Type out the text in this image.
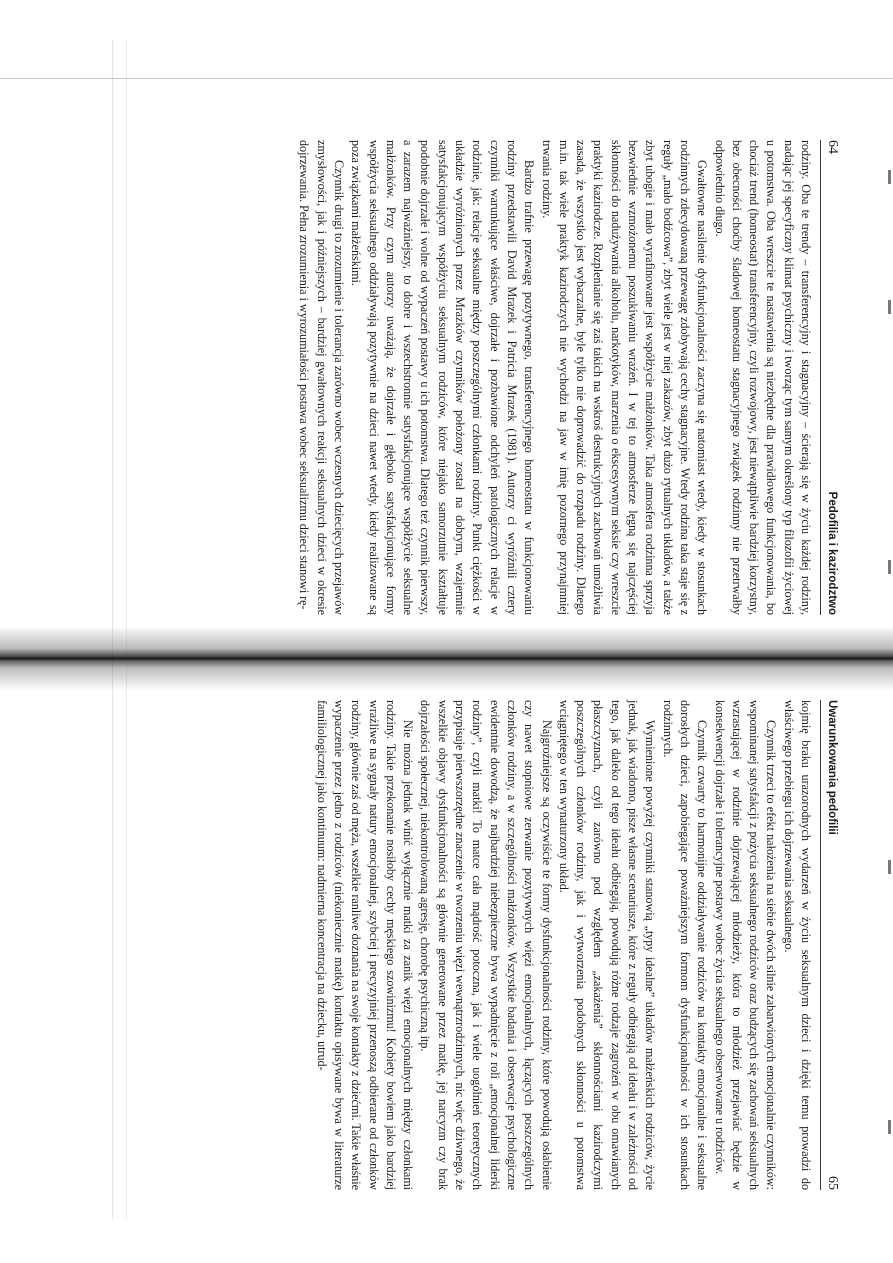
64
Pedofilia i kazirodztwo

rodziny. Oba te trendy – transferencyjny i stagnacyjny – ścierają się w życiu każdej rodziny, nadając jej specyficzny klimat psychiczny i tworząc tym samym określony typ filozofii życiowej u potomstwa. Oba wreszcie te nastawienia są niezbędne dla prawidłowego funkcjonowania, bo chociaż trend (homeostat) transferencyjny, czyli rozwojowy, jest niewątpliwie bardziej korzystny, bez obecności choćby śladowej homeostatu stagnacyjnego związek rodzinny nie przetrwałby odpowiednio długo.

Gwałtowne nasilenie dysfunkcjonalności zaczyna się natomiast wtedy, kiedy w stosunkach rodzinnych zdecydowaną przewagę zdobywają cechy stagnacyjne. Wtedy rodzina taka staje się z reguły „mało bodźcowa”, zbyt wiele jest w niej zakazów, zbyt dużo rytualnych układów, a także zbyt ubogie i mało wyrafinowane jest współżycie małżonków. Taka atmosfera rodzinna sprzyja bezwiednie wzmożonemu poszukiwaniu wrażeń. I w tej to atmosferze lęgną się najczęściej skłonności do nadużywania alkoholu, narkotyków, marzenia o ekscesywnym seksie czy wreszcie praktyki kazirodcze. Rozplenianie się zaś takich na wskroś destrukcyjnych zachowań umożliwia zasada, że wszystko jest wybaczalne, byle tylko nie doprowadzić do rozpadu rodziny. Dlatego m.in. tak wiele praktyk kazirodczych nie wychodzi na jaw w imię pozornego przynajmniej trwania rodziny.

Bardzo trafnie przewagę pozytywnego, transferencyjnego homeostatu w funkcjonowaniu rodziny przedstawili David Mrazek i Patricia Mrazek (1981). Autorzy ci wyróżnili cztery czynniki warunkujące właściwe, dojrzałe i pozbawione odchyleń patologicznych relacje w rodzinie, jak: relacje seksualne między poszczególnymi członkami rodziny. Punkt ciężkości w układzie wyróżnionych przez Mrazków czynników położony został na dobrym, wzajemnie satysfakcjonującym współżyciu seksualnym rodziców, które niejako samorzutnie kształtuje podobnie dojrzałe i wolne od wypaczeń postawy u ich potomstwa. Dlatego też czynnik pierwszy, a zarazem najważniejszy, to dobre i wszechstronnie satysfakcjonujące współżycie seksualne małżonków. Przy czym autorzy uważają, że dojrzałe i głęboko satysfakcjonujące formy współżycia seksualnego oddziaływają pozytywnie na dzieci nawet wtedy, kiedy realizowane są poza związkami małżeńskimi.

Czynnik drugi to zrozumienie i tolerancja zarówno wobec wczesnych dziecięcych przejawów zmysłowości, jak i późniejszych – bardziej gwałtownych reakcji seksualnych dzieci w okresie dojrzewania. Pełna zrozumienia i wyrozumiałości postawa wobec seksualizmu dzieci stanowi rę-

Uwarunkowania pedofilii
65

kojmię braku urazorodnych wydarzeń w życiu seksualnym dzieci i dzięki temu prowadzi do właściwego przebiegu ich dojrzewania seksualnego.

Czynnik trzeci to efekt nałożenia na siebie dwóch silnie zabarwionych emocjonalnie czynników: wspominanej satysfakcji z pożycia seksualnego rodziców oraz budzących się zachowań seksualnych wzrastającej w rodzinie dojrzewającej młodzieży, która to młodzież przejawiać będzie w konsekwencji dojrzałe i tolerancyjne postawy wobec życia seksualnego obserwowane u rodziców.

Czynnik czwarty to harmonijne oddziaływanie rodziców na kontakty emocjonalne i seksualne dorosłych dzieci, zapobiegające poważniejszym formom dysfunkcjonalności w ich stosunkach rodzinnych.

Wymienione powyżej czynniki stanowią „typy idealne” układów małżeńskich rodziców, życie jednak, jak wiadomo, pisze własne scenariusze, które z reguły odbiegają od ideału i w zależności od tego, jak daleko od tego ideału odbiegają, powodują różne rodzaje zagrożeń w obu omawianych płaszczyznach, czyli zarówno pod względem „zakażenia” skłonnościami kazirodczymi poszczególnych członków rodziny, jak i wytworzenia podobnych skłonności u potomstwa wciągniętego w ten wynaturzony układ.

Najgroźniejsze są oczywiście te formy dysfunkcjonalności rodziny, które powodują osłabienie czy nawet stopniowe zerwanie pozytywnych więzi emocjonalnych, łączących poszczególnych członków rodziny, a w szczególności małżonków. Wszystkie badania i obserwacje psychologiczne ewidentnie dowodzą, że najbardziej niebezpieczne bywa wypadnięcie z roli „emocjonalnej liderki rodziny”, czyli matki! To matce cała mądrość potoczna, jak i wiele uogólnień teoretycznych przypisuje pierwszorzędne znaczenie w tworzeniu więzi wewnątrzrodzinnych, nic więc dziwnego, że wszelkie objawy dysfunkcjonalności są głównie generowane przez matkę, jej narcyzm czy brak dojrzałości społecznej, niekontrolowaną agresję, chorobę psychiczną itp.

Nie można jednak winić wyłącznie matki za zanik więzi emocjonalnych między członkami rodziny. Takie przekonanie nosiłoby cechy męskiego szowinizmu! Kobiety bowiem jako bardziej wrażliwe na sygnały natury emocjonalnej, szybciej i precyzyjniej przenoszą odbierane od członków rodziny, głównie zaś od męża, wszelkie ranliwe doznania na swoje kontakty z dziećmi. Takie właśnie wypaczenie przez jedno z rodziców (niekoniecznie matkę) kontaktu opisywane bywa w literaturze familiologicznej jako kontinuum: nadmierna koncentracja na dziecku, utrud-
